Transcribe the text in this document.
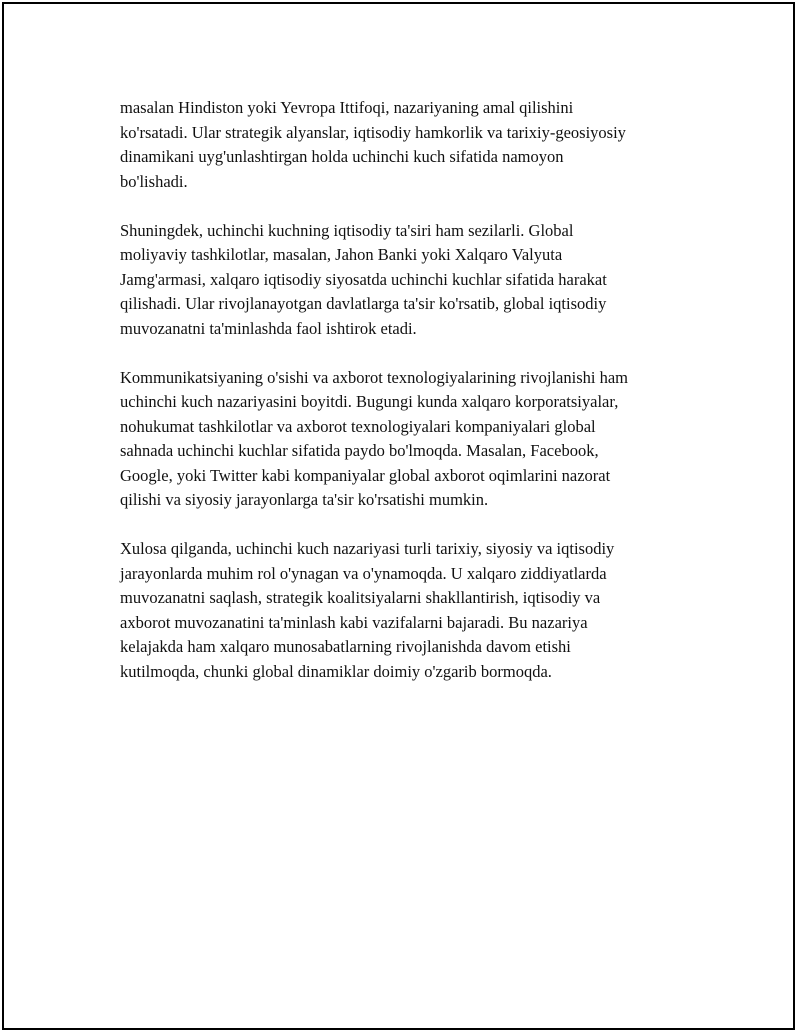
masalan Hindiston yoki Yevropa Ittifoqi, nazariyaning amal qilishini
ko'rsatadi. Ular strategik alyanslar, iqtisodiy hamkorlik va tarixiy-geosiyosiy
dinamikani uyg'unlashtirgan holda uchinchi kuch sifatida namoyon
bo'lishadi.

Shuningdek, uchinchi kuchning iqtisodiy ta'siri ham sezilarli. Global
moliyaviy tashkilotlar, masalan, Jahon Banki yoki Xalqaro Valyuta
Jamg'armasi, xalqaro iqtisodiy siyosatda uchinchi kuchlar sifatida harakat
qilishadi. Ular rivojlanayotgan davlatlarga ta'sir ko'rsatib, global iqtisodiy
muvozanatni ta'minlashda faol ishtirok etadi.

Kommunikatsiyaning o'sishi va axborot texnologiyalarining rivojlanishi ham
uchinchi kuch nazariyasini boyitdi. Bugungi kunda xalqaro korporatsiyalar,
nohukumat tashkilotlar va axborot texnologiyalari kompaniyalari global
sahnada uchinchi kuchlar sifatida paydo bo'lmoqda. Masalan, Facebook,
Google, yoki Twitter kabi kompaniyalar global axborot oqimlarini nazorat
qilishi va siyosiy jarayonlarga ta'sir ko'rsatishi mumkin.

Xulosa qilganda, uchinchi kuch nazariyasi turli tarixiy, siyosiy va iqtisodiy
jarayonlarda muhim rol o'ynagan va o'ynamoqda. U xalqaro ziddiyatlarda
muvozanatni saqlash, strategik koalitsiyalarni shakllantirish, iqtisodiy va
axborot muvozanatini ta'minlash kabi vazifalarni bajaradi. Bu nazariya
kelajakda ham xalqaro munosabatlarning rivojlanishda davom etishi
kutilmoqda, chunki global dinamiklar doimiy o'zgarib bormoqda.
